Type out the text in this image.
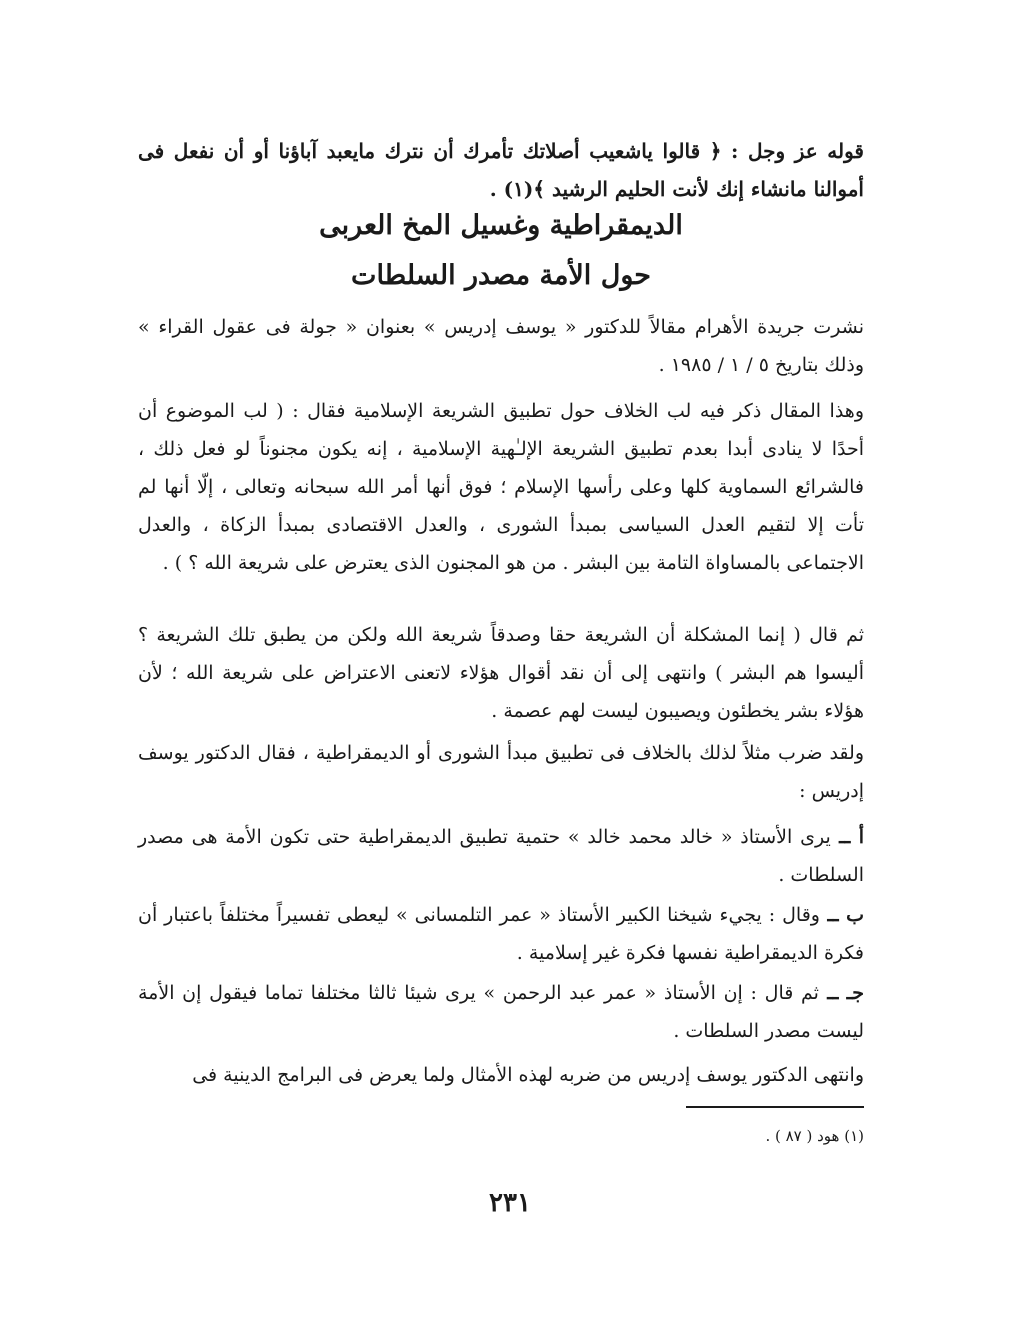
قوله عز وجل : ﴿ قالوا ياشعيب أصلاتك تأمرك أن نترك مايعبد آباؤنا أو أن نفعل فى أموالنا مانشاء إنك لأنت الحليم الرشيد ﴾(١) .

الديمقراطية وغسيل المخ العربى
حول الأمة مصدر السلطات

نشرت جريدة الأهرام مقالاً للدكتور « يوسف إدريس » بعنوان « جولة فى عقول القراء » وذلك بتاريخ ٥ / ١ / ١٩٨٥ .

وهذا المقال ذكر فيه لب الخلاف حول تطبيق الشريعة الإسلامية فقال : ( لب الموضوع أن أحدًا لا ينادى أبدا بعدم تطبيق الشريعة الإلـٰهية الإسلامية ، إنه يكون مجنوناً لو فعل ذلك ، فالشرائع السماوية كلها وعلى رأسها الإسلام ؛ فوق أنها أمر الله سبحانه وتعالى ، إلّا أنها لم تأت إلا لتقيم العدل السياسى بمبدأ الشورى ، والعدل الاقتصادى بمبدأ الزكاة ، والعدل الاجتماعى بالمساواة التامة بين البشر . من هو المجنون الذى يعترض على شريعة الله ؟ ) .

ثم قال ( إنما المشكلة أن الشريعة حقا وصدقاً شريعة الله ولكن من يطبق تلك الشريعة ؟ أليسوا هم البشر ) وانتهى إلى أن نقد أقوال هؤلاء لاتعنى الاعتراض على شريعة الله ؛ لأن هؤلاء بشر يخطئون ويصيبون ليست لهم عصمة .

ولقد ضرب مثلاً لذلك بالخلاف فى تطبيق مبدأ الشورى أو الديمقراطية ، فقال الدكتور يوسف إدريس :

أ ــ يرى الأستاذ « خالد محمد خالد » حتمية تطبيق الديمقراطية حتى تكون الأمة هى مصدر السلطات .

ب ــ وقال : يجيء شيخنا الكبير الأستاذ « عمر التلمسانى » ليعطى تفسيراً مختلفاً باعتبار أن فكرة الديمقراطية نفسها فكرة غير إسلامية .

جـ ــ ثم قال : إن الأستاذ « عمر عبد الرحمن » يرى شيئا ثالثا مختلفا تماما فيقول إن الأمة ليست مصدر السلطات .

وانتهى الدكتور يوسف إدريس من ضربه لهذه الأمثال ولما يعرض فى البرامج الدينية فى

(١) هود ( ٨٧ ) .

٢٣١
